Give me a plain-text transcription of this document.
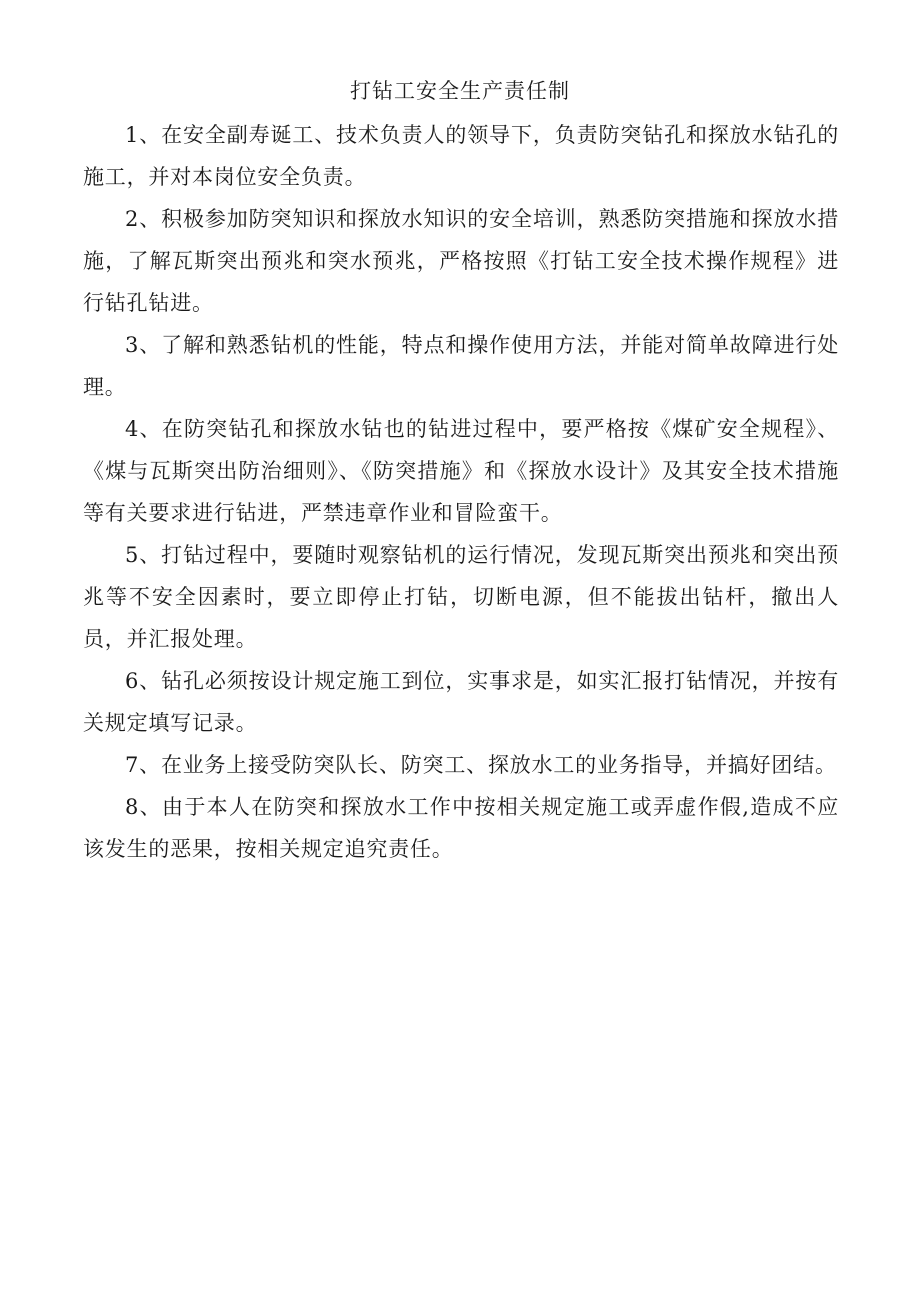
打钻工安全生产责任制

1、在安全副寿诞工、技术负责人的领导下，负责防突钻孔和探放水钻孔的施工，并对本岗位安全负责。

2、积极参加防突知识和探放水知识的安全培训，熟悉防突措施和探放水措施，了解瓦斯突出预兆和突水预兆，严格按照《打钻工安全技术操作规程》进行钻孔钻进。

3、了解和熟悉钻机的性能，特点和操作使用方法，并能对简单故障进行处理。

4、在防突钻孔和探放水钻也的钻进过程中，要严格按《煤矿安全规程》、《煤与瓦斯突出防治细则》、《防突措施》和《探放水设计》及其安全技术措施等有关要求进行钻进，严禁违章作业和冒险蛮干。

5、打钻过程中，要随时观察钻机的运行情况，发现瓦斯突出预兆和突出预兆等不安全因素时，要立即停止打钻，切断电源，但不能拔出钻杆，撤出人员，并汇报处理。

6、钻孔必须按设计规定施工到位，实事求是，如实汇报打钻情况，并按有关规定填写记录。

7、在业务上接受防突队长、防突工、探放水工的业务指导，并搞好团结。

8、由于本人在防突和探放水工作中按相关规定施工或弄虚作假,造成不应该发生的恶果，按相关规定追究责任。
